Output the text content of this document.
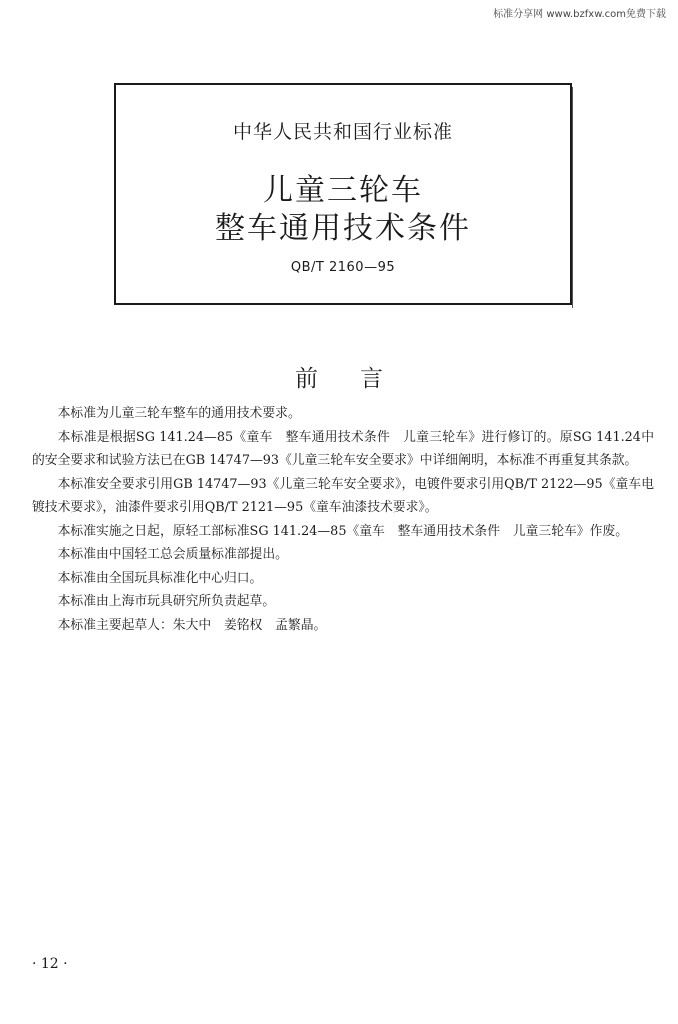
标准分享网 www.bzfxw.com免费下载
中华人民共和国行业标准
儿童三轮车
整车通用技术条件
QB/T 2160—95
前言

本标准为儿童三轮车整车的通用技术要求。

本标准是根据SG 141.24—85《童车　整车通用技术条件　儿童三轮车》进行修订的。原SG 141.24中的安全要求和试验方法已在GB 14747—93《儿童三轮车安全要求》中详细阐明，本标准不再重复其条款。

本标准安全要求引用GB 14747—93《儿童三轮车安全要求》，电镀件要求引用QB/T 2122—95《童车电镀技术要求》，油漆件要求引用QB/T 2121—95《童车油漆技术要求》。

本标准实施之日起，原轻工部标准SG 141.24—85《童车　整车通用技术条件　儿童三轮车》作废。

本标准由中国轻工总会质量标准部提出。

本标准由全国玩具标准化中心归口。

本标准由上海市玩具研究所负责起草。

本标准主要起草人：朱大中　姜铭权　孟繁晶。

· 12 ·
